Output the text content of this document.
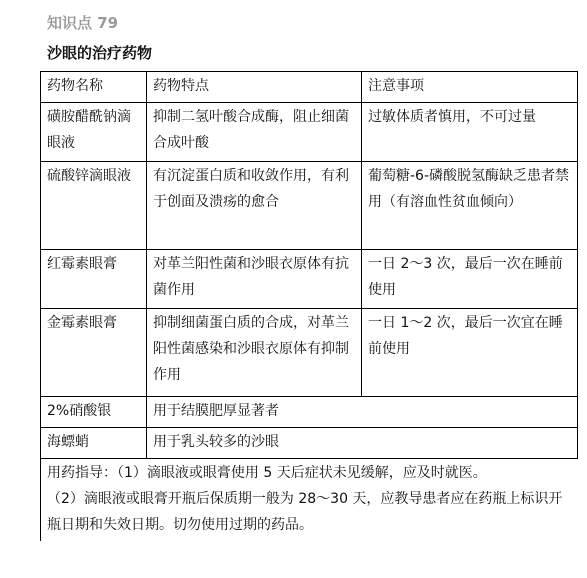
知识点 79
沙眼的治疗药物
药物名称	药物特点	注意事项
磺胺醋酰钠滴眼液	抑制二氢叶酸合成酶，阻止细菌合成叶酸	过敏体质者慎用，不可过量
硫酸锌滴眼液	有沉淀蛋白质和收敛作用，有利于创面及溃疡的愈合	葡萄糖-6-磷酸脱氢酶缺乏患者禁用（有溶血性贫血倾向）
红霉素眼膏	对革兰阳性菌和沙眼衣原体有抗菌作用	一日 2～3 次，最后一次在睡前使用
金霉素眼膏	抑制细菌蛋白质的合成，对革兰阳性菌感染和沙眼衣原体有抑制作用	一日 1～2 次，最后一次宜在睡前使用
2%硝酸银	用于结膜肥厚显著者	
海螵蛸	用于乳头较多的沙眼	

用药指导：（1）滴眼液或眼膏使用 5 天后症状未见缓解，应及时就医。
（2）滴眼液或眼膏开瓶后保质期一般为 28～30 天，应教导患者应在药瓶上标识开瓶日期和失效日期。切勿使用过期的药品。		
